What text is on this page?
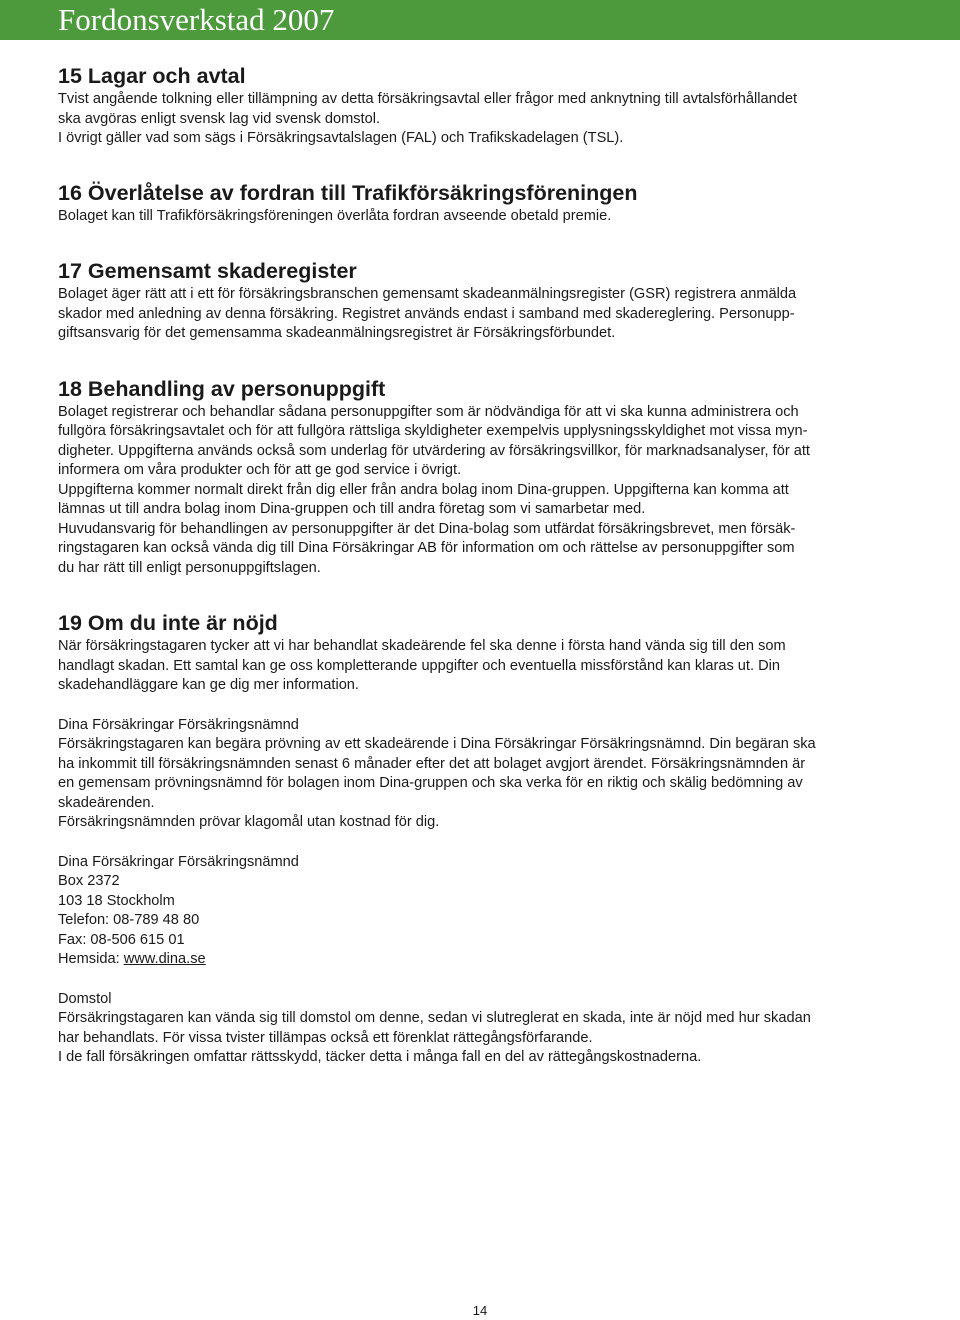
Fordonsverkstad 2007
15 Lagar och avtal

Tvist angående tolkning eller tillämpning av detta försäkringsavtal eller frågor med anknytning till avtalsförhållandet
ska avgöras enligt svensk lag vid svensk domstol.
I övrigt gäller vad som sägs i Försäkringsavtalslagen (FAL) och Trafikskadelagen (TSL).

16 Överlåtelse av fordran till Trafikförsäkringsföreningen

Bolaget kan till Trafikförsäkringsföreningen överlåta fordran avseende obetald premie.

17 Gemensamt skaderegister

Bolaget äger rätt att i ett för försäkringsbranschen gemensamt skadeanmälningsregister (GSR) registrera anmälda
skador med anledning av denna försäkring. Registret används endast i samband med skadereglering. Personupp-
giftsansvarig för det gemensamma skadeanmälningsregistret är Försäkringsförbundet.

18 Behandling av personuppgift

Bolaget registrerar och behandlar sådana personuppgifter som är nödvändiga för att vi ska kunna administrera och
fullgöra försäkringsavtalet och för att fullgöra rättsliga skyldigheter exempelvis upplysningsskyldighet mot vissa myn-
digheter. Uppgifterna används också som underlag för utvärdering av försäkringsvillkor, för marknadsanalyser, för att
informera om våra produkter och för att ge god service i övrigt.
Uppgifterna kommer normalt direkt från dig eller från andra bolag inom Dina-gruppen. Uppgifterna kan komma att
lämnas ut till andra bolag inom Dina-gruppen och till andra företag som vi samarbetar med.
Huvudansvarig för behandlingen av personuppgifter är det Dina-bolag som utfärdat försäkringsbrevet, men försäk-
ringstagaren kan också vända dig till Dina Försäkringar AB för information om och rättelse av personuppgifter som
du har rätt till enligt personuppgiftslagen.

19 Om du inte är nöjd

När försäkringstagaren tycker att vi har behandlat skadeärende fel ska denne i första hand vända sig till den som
handlagt skadan. Ett samtal kan ge oss kompletterande uppgifter och eventuella missförstånd kan klaras ut. Din
skadehandläggare kan ge dig mer information.

Dina Försäkringar Försäkringsnämnd
Försäkringstagaren kan begära prövning av ett skadeärende i Dina Försäkringar Försäkringsnämnd. Din begäran ska
ha inkommit till försäkringsnämnden senast 6 månader efter det att bolaget avgjort ärendet. Försäkringsnämnden är
en gemensam prövningsnämnd för bolagen inom Dina-gruppen och ska verka för en riktig och skälig bedömning av
skadeärenden.
Försäkringsnämnden prövar klagomål utan kostnad för dig.

Dina Försäkringar Försäkringsnämnd
Box 2372
103 18 Stockholm
Telefon: 08-789 48 80
Fax: 08-506 615 01
Hemsida: www.dina.se

Domstol
Försäkringstagaren kan vända sig till domstol om denne, sedan vi slutreglerat en skada, inte är nöjd med hur skadan
har behandlats. För vissa tvister tillämpas också ett förenklat rättegångsförfarande.
I de fall försäkringen omfattar rättsskydd, täcker detta i många fall en del av rättegångskostnaderna.

14
